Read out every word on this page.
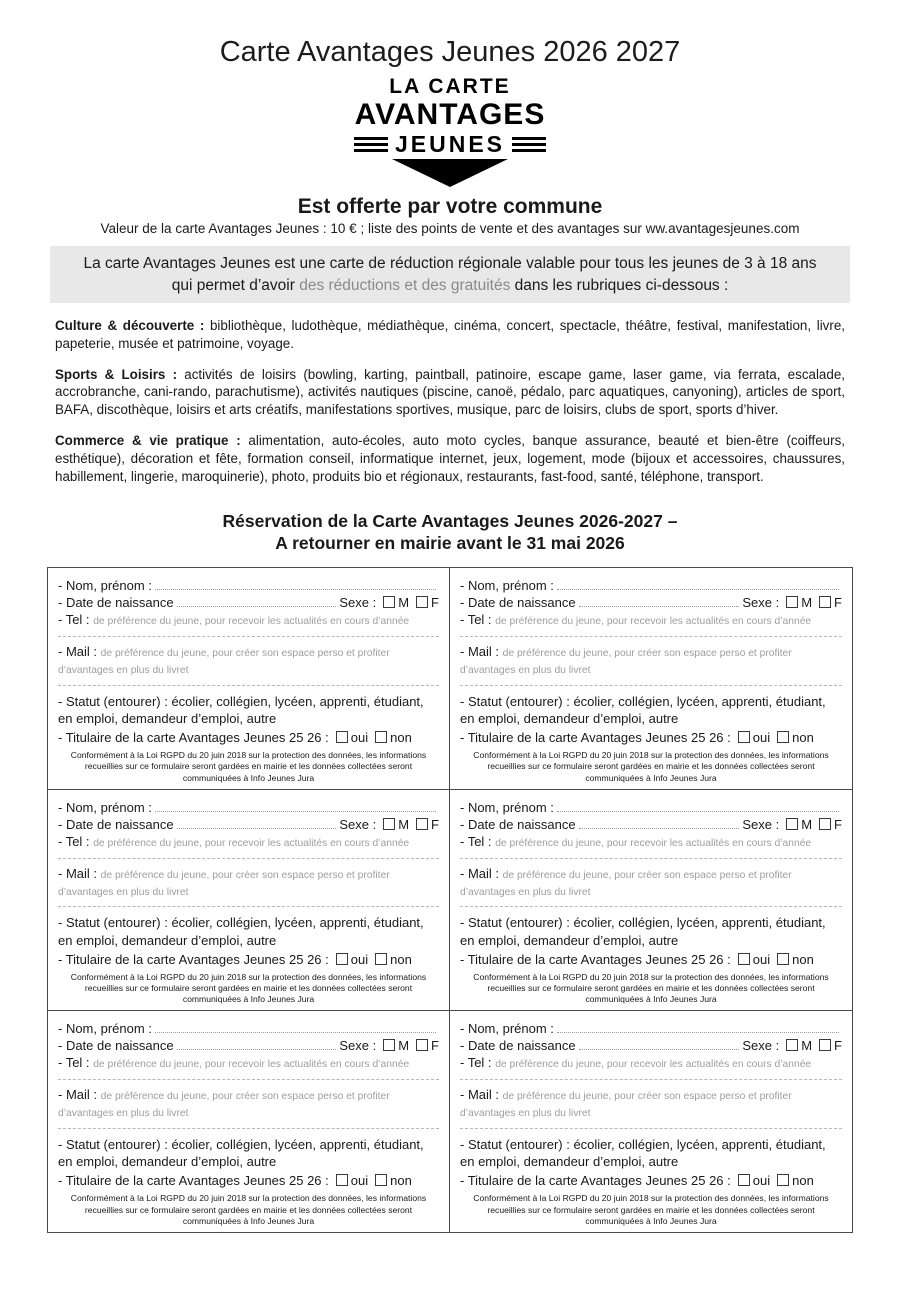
Carte Avantages Jeunes 2026 2027
LA CARTE
AVANTAGES
JEUNES
Est offerte par votre commune
Valeur de la carte Avantages Jeunes : 10 € ; liste des points de vente et des avantages sur ww.avantagesjeunes.com
La carte Avantages Jeunes est une carte de réduction régionale valable pour tous les jeunes de 3 à 18 ans qui permet d’avoir des réductions et des gratuités dans les rubriques ci-dessous :

Culture & découverte : bibliothèque, ludothèque, médiathèque, cinéma, concert, spectacle, théâtre, festival, manifestation, livre, papeterie, musée et patrimoine, voyage.

Sports & Loisirs : activités de loisirs (bowling, karting, paintball, patinoire, escape game, laser game, via ferrata, escalade, accrobranche, cani-rando, parachutisme), activités nautiques (piscine, canoë, pédalo, parc aquatiques, canyoning), articles de sport, BAFA, discothèque, loisirs et arts créatifs, manifestations sportives, musique, parc de loisirs, clubs de sport, sports d’hiver.

Commerce & vie pratique : alimentation, auto-écoles, auto moto cycles, banque assurance, beauté et bien-être (coiffeurs, esthétique), décoration et fête, formation conseil, informatique internet, jeux, logement, mode (bijoux et accessoires, chaussures, habillement, lingerie, maroquinerie), photo, produits bio et régionaux, restaurants, fast-food, santé, téléphone, transport.

Réservation de la Carte Avantages Jeunes 2026-2027 –
A retourner en mairie avant le 31 mai 2026
- Nom, prénom :
- Date de naissance	Sexe : M F
- Tel : de préférence du jeune, pour recevoir les actualités en cours d’année
- Mail : de préférence du jeune, pour créer son espace perso et profiter d’avantages en plus du livret
- Statut (entourer) : écolier, collégien, lycéen, apprenti, étudiant, en emploi, demandeur d’emploi, autre
- Titulaire de la carte Avantages Jeunes 25 26 : oui non
Conformément à la Loi RGPD du 20 juin 2018 sur la protection des données, les informations recueillies sur ce formulaire seront gardées en mairie et les données collectées seront communiquées à Info Jeunes Jura
- Nom, prénom :
- Date de naissance	Sexe : M F
- Tel : de préférence du jeune, pour recevoir les actualités en cours d’année
- Mail : de préférence du jeune, pour créer son espace perso et profiter d’avantages en plus du livret
- Statut (entourer) : écolier, collégien, lycéen, apprenti, étudiant, en emploi, demandeur d’emploi, autre
- Titulaire de la carte Avantages Jeunes 25 26 : oui non
Conformément à la Loi RGPD du 20 juin 2018 sur la protection des données, les informations recueillies sur ce formulaire seront gardées en mairie et les données collectées seront communiquées à Info Jeunes Jura
- Nom, prénom :
- Date de naissance	Sexe : M F
- Tel : de préférence du jeune, pour recevoir les actualités en cours d’année
- Mail : de préférence du jeune, pour créer son espace perso et profiter d’avantages en plus du livret
- Statut (entourer) : écolier, collégien, lycéen, apprenti, étudiant, en emploi, demandeur d’emploi, autre
- Titulaire de la carte Avantages Jeunes 25 26 : oui non
Conformément à la Loi RGPD du 20 juin 2018 sur la protection des données, les informations recueillies sur ce formulaire seront gardées en mairie et les données collectées seront communiquées à Info Jeunes Jura
- Nom, prénom :
- Date de naissance	Sexe : M F
- Tel : de préférence du jeune, pour recevoir les actualités en cours d’année
- Mail : de préférence du jeune, pour créer son espace perso et profiter d’avantages en plus du livret
- Statut (entourer) : écolier, collégien, lycéen, apprenti, étudiant, en emploi, demandeur d’emploi, autre
- Titulaire de la carte Avantages Jeunes 25 26 : oui non
Conformément à la Loi RGPD du 20 juin 2018 sur la protection des données, les informations recueillies sur ce formulaire seront gardées en mairie et les données collectées seront communiquées à Info Jeunes Jura
- Nom, prénom :
- Date de naissance	Sexe : M F
- Tel : de préférence du jeune, pour recevoir les actualités en cours d’année
- Mail : de préférence du jeune, pour créer son espace perso et profiter d’avantages en plus du livret
- Statut (entourer) : écolier, collégien, lycéen, apprenti, étudiant, en emploi, demandeur d’emploi, autre
- Titulaire de la carte Avantages Jeunes 25 26 : oui non
Conformément à la Loi RGPD du 20 juin 2018 sur la protection des données, les informations recueillies sur ce formulaire seront gardées en mairie et les données collectées seront communiquées à Info Jeunes Jura
- Nom, prénom :
- Date de naissance	Sexe : M F
- Tel : de préférence du jeune, pour recevoir les actualités en cours d’année
- Mail : de préférence du jeune, pour créer son espace perso et profiter d’avantages en plus du livret
- Statut (entourer) : écolier, collégien, lycéen, apprenti, étudiant, en emploi, demandeur d’emploi, autre
- Titulaire de la carte Avantages Jeunes 25 26 : oui non
Conformément à la Loi RGPD du 20 juin 2018 sur la protection des données, les informations recueillies sur ce formulaire seront gardées en mairie et les données collectées seront communiquées à Info Jeunes Jura
